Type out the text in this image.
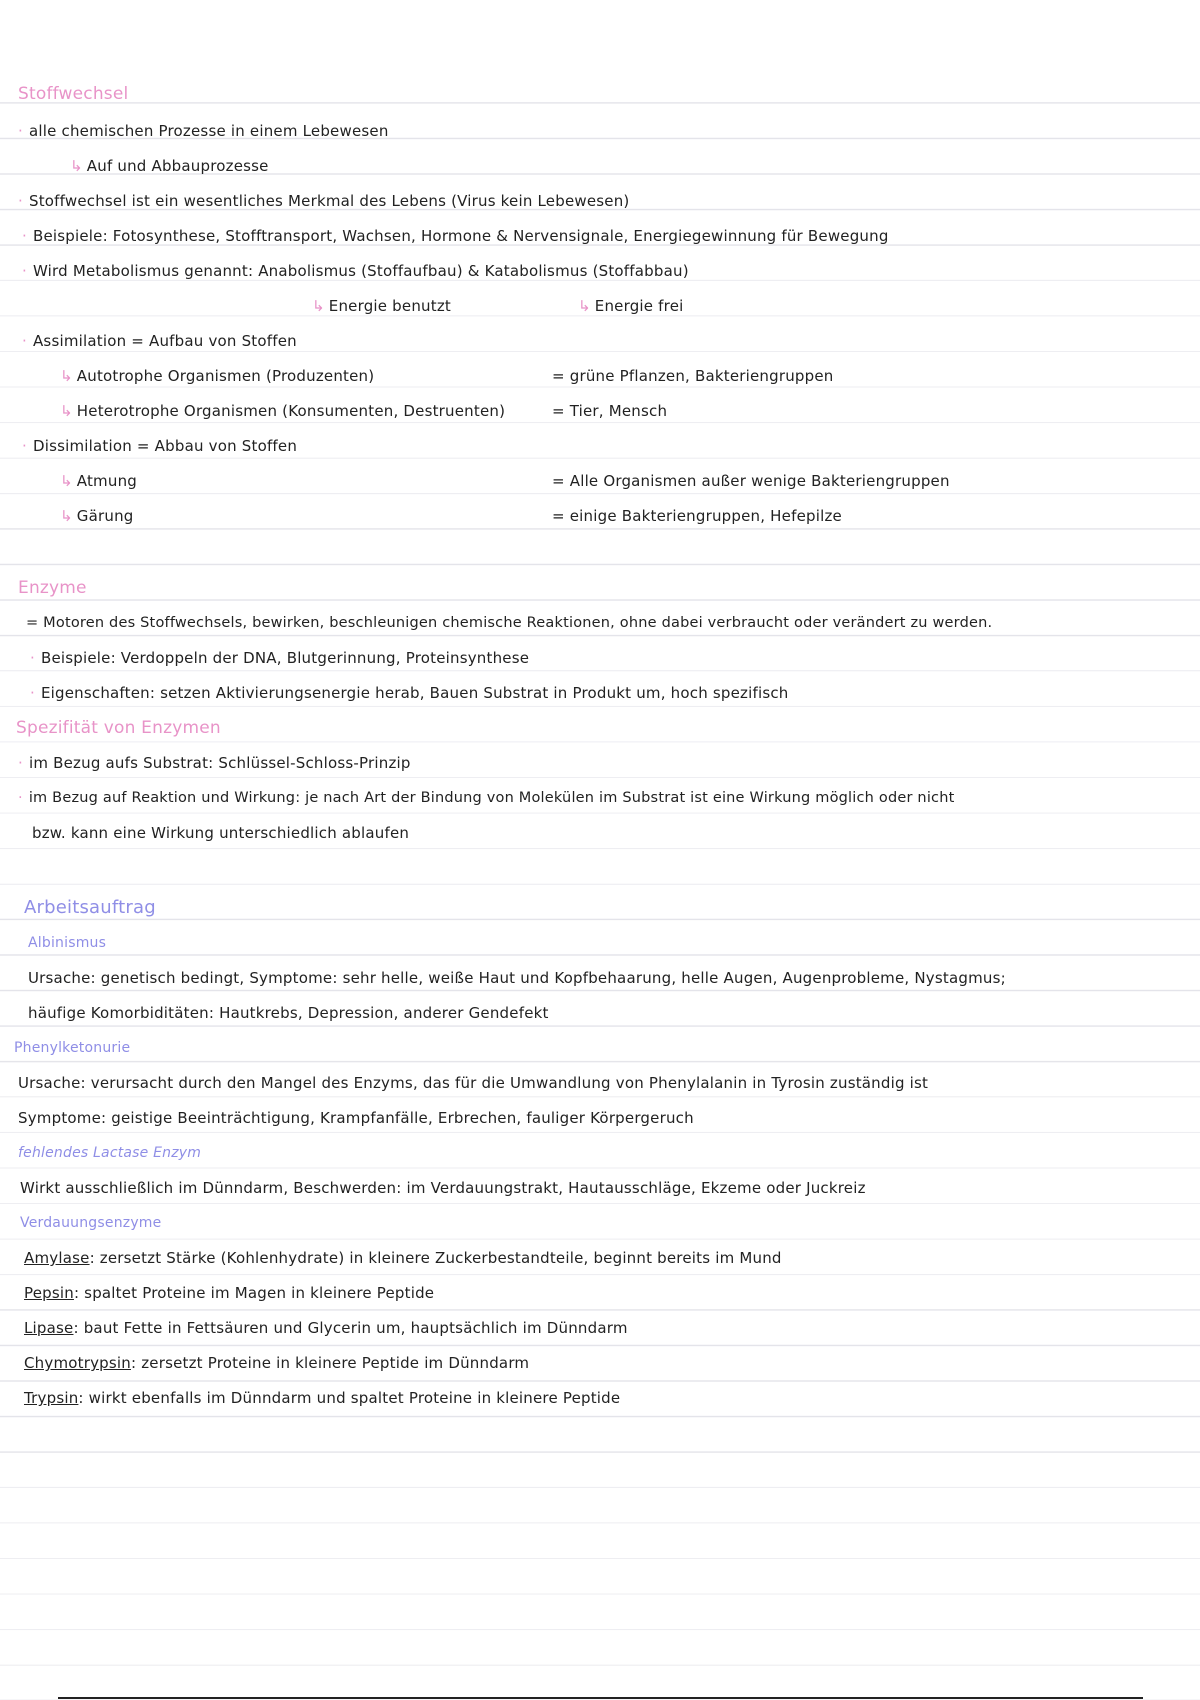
Stoffwechsel
· alle chemischen Prozesse in einem Lebewesen
↳ Auf und Abbauprozesse
· Stoffwechsel ist ein wesentliches Merkmal des Lebens (Virus kein Lebewesen)
· Beispiele: Fotosynthese, Stofftransport, Wachsen, Hormone & Nervensignale, Energiegewinnung für Bewegung
· Wird Metabolismus genannt: Anabolismus (Stoffaufbau) & Katabolismus (Stoffabbau)
↳ Energie benutzt	↳ Energie frei
· Assimilation = Aufbau von Stoffen
↳ Autotrophe Organismen (Produzenten)	= grüne Pflanzen, Bakteriengruppen
↳ Heterotrophe Organismen (Konsumenten, Destruenten)	= Tier, Mensch
· Dissimilation = Abbau von Stoffen
↳ Atmung	= Alle Organismen außer wenige Bakteriengruppen
↳ Gärung	= einige Bakteriengruppen, Hefepilze
Enzyme
= Motoren des Stoffwechsels, bewirken, beschleunigen chemische Reaktionen, ohne dabei verbraucht oder verändert zu werden.
· Beispiele: Verdoppeln der DNA, Blutgerinnung, Proteinsynthese
· Eigenschaften: setzen Aktivierungsenergie herab, Bauen Substrat in Produkt um, hoch spezifisch
Spezifität von Enzymen
· im Bezug aufs Substrat: Schlüssel-Schloss-Prinzip
· im Bezug auf Reaktion und Wirkung: je nach Art der Bindung von Molekülen im Substrat ist eine Wirkung möglich oder nicht
bzw. kann eine Wirkung unterschiedlich ablaufen
Arbeitsauftrag
Albinismus
Ursache: genetisch bedingt, Symptome: sehr helle, weiße Haut und Kopfbehaarung, helle Augen, Augenprobleme, Nystagmus;
häufige Komorbiditäten: Hautkrebs, Depression, anderer Gendefekt
Phenylketonurie
Ursache: verursacht durch den Mangel des Enzyms, das für die Umwandlung von Phenylalanin in Tyrosin zuständig ist
Symptome: geistige Beeinträchtigung, Krampfanfälle, Erbrechen, fauliger Körpergeruch
fehlendes Lactase Enzym
Wirkt ausschließlich im Dünndarm, Beschwerden: im Verdauungstrakt, Hautausschläge, Ekzeme oder Juckreiz
Verdauungsenzyme
Amylase: zersetzt Stärke (Kohlenhydrate) in kleinere Zuckerbestandteile, beginnt bereits im Mund
Pepsin: spaltet Proteine im Magen in kleinere Peptide
Lipase: baut Fette in Fettsäuren und Glycerin um, hauptsächlich im Dünndarm
Chymotrypsin: zersetzt Proteine in kleinere Peptide im Dünndarm
Trypsin: wirkt ebenfalls im Dünndarm und spaltet Proteine in kleinere Peptide
